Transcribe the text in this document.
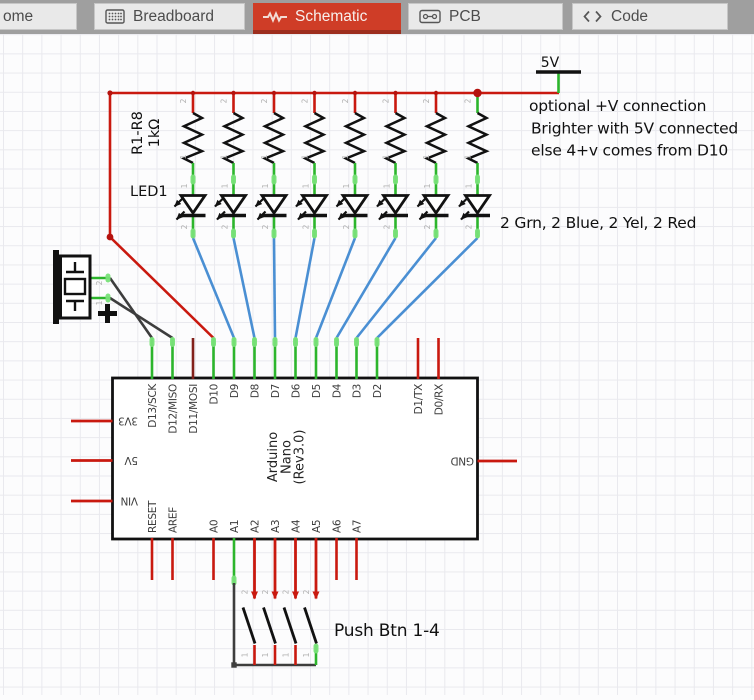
5V
2
1
2
1
2
1
2
1
2
1
2
1
2
1
2
1
2
1
1
2
1
2
1
2
1
2
1
2
1
2
1
2
1
2
Arduino
Nano
(Rev3.0)
D13/SCK D12/MISO D11/MOSI D10 D9 D8 D7 D6 D5 D4 D3 D2	D1/TX D0/RX
RESET AREF	A0 A1 A2 A3 A4 A5 A6 A7
3V3
5V
VIN
GND
2
1
2
1
2
1
2
1
optional +V connection
Brighter with 5V connected
else 4+v comes from D10
2 Grn, 2 Blue, 2 Yel, 2 Red
Push Btn 1-4
R1-R8 1kΩ
LED1
ome	Breadboard	Schematic	PCB	Code
